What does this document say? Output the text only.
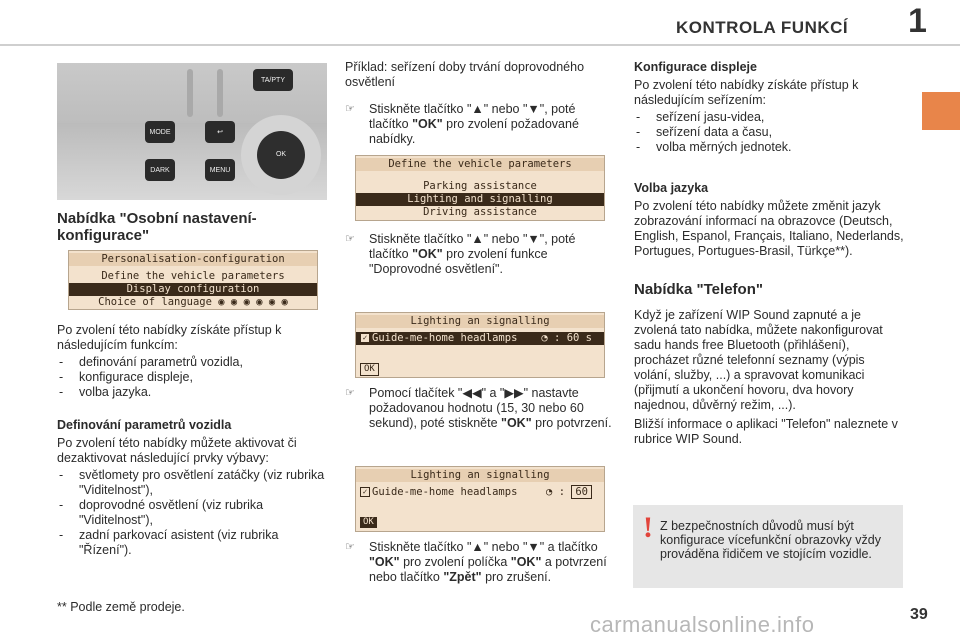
KONTROLA FUNKCÍ 1
TA/PTY
MODE
DARK	MENU
↩
OK
Nabídka "Osobní nastavení-konfigurace"
Personalisation-configuration
Define the vehicle parameters
Display configuration
Choice of language ◉ ◉ ◉ ◉ ◉ ◉

Po zvolení této nabídky získáte přístup k následujícím funkcím:

- definování parametrů vozidla,
- konfigurace displeje,
- volba jazyka.
Definování parametrů vozidla

Po zvolení této nabídky můžete aktivovat či dezaktivovat následující prvky výbavy:

- světlomety pro osvětlení zatáčky (viz rubrika "Viditelnost"),
- doprovodné osvětlení (viz rubrika "Viditelnost"),
- zadní parkovací asistent (viz rubrika "Řízení").
** Podle země prodeje.

Příklad: seřízení doby trvání doprovodného osvětlení

☞ Stiskněte tlačítko "▲" nebo "▼", poté tlačítko "OK" pro zvolení požadované nabídky.
Define the vehicle parameters
Parking assistance
Lighting and signalling
Driving assistance
☞ Stiskněte tlačítko "▲" nebo "▼", poté tlačítko "OK" pro zvolení funkce "Doprovodné osvětlení".
Lighting an signalling
Guide-me-home headlamps ◔ : 60 s
✓
OK
☞ Pomocí tlačítek "◀◀" a "▶▶" nastavte požadovanou hodnotu (15, 30 nebo 60 sekund), poté stiskněte "OK" pro potvrzení.
Lighting an signalling
Guide-me-home headlamps	◔ : 60
✓
OK
☞ Stiskněte tlačítko "▲" nebo "▼" a tlačítko "OK" pro zvolení políčka "OK" a potvrzení nebo tlačítko "Zpět" pro zrušení.
Konfigurace displeje

Po zvolení této nabídky získáte přístup k následujícím seřízením:

- seřízení jasu-videa,
- seřízení data a času,
- volba měrných jednotek.
Volba jazyka

Po zvolení této nabídky můžete změnit jazyk zobrazování informací na obrazovce (Deutsch, English, Espanol, Français, Italiano, Nederlands, Portugues, Portugues-Brasil, Türkçe**).

Nabídka "Telefon"

Když je zařízení WIP Sound zapnuté a je zvolená tato nabídka, můžete nakonfigurovat sadu hands free Bluetooth (přihlášení), procházet různé telefonní seznamy (výpis volání, služby, ...) a spravovat komunikaci (přijmutí a ukončení hovoru, dva hovory najednou, důvěrný režim, ...).

Bližší informace o aplikaci "Telefon" naleznete v rubrice WIP Sound.

! Z bezpečnostních důvodů musí být konfigurace vícefunkční obrazovky vždy prováděna řidičem ve stojícím vozidle.
carmanualsonline.info	39
